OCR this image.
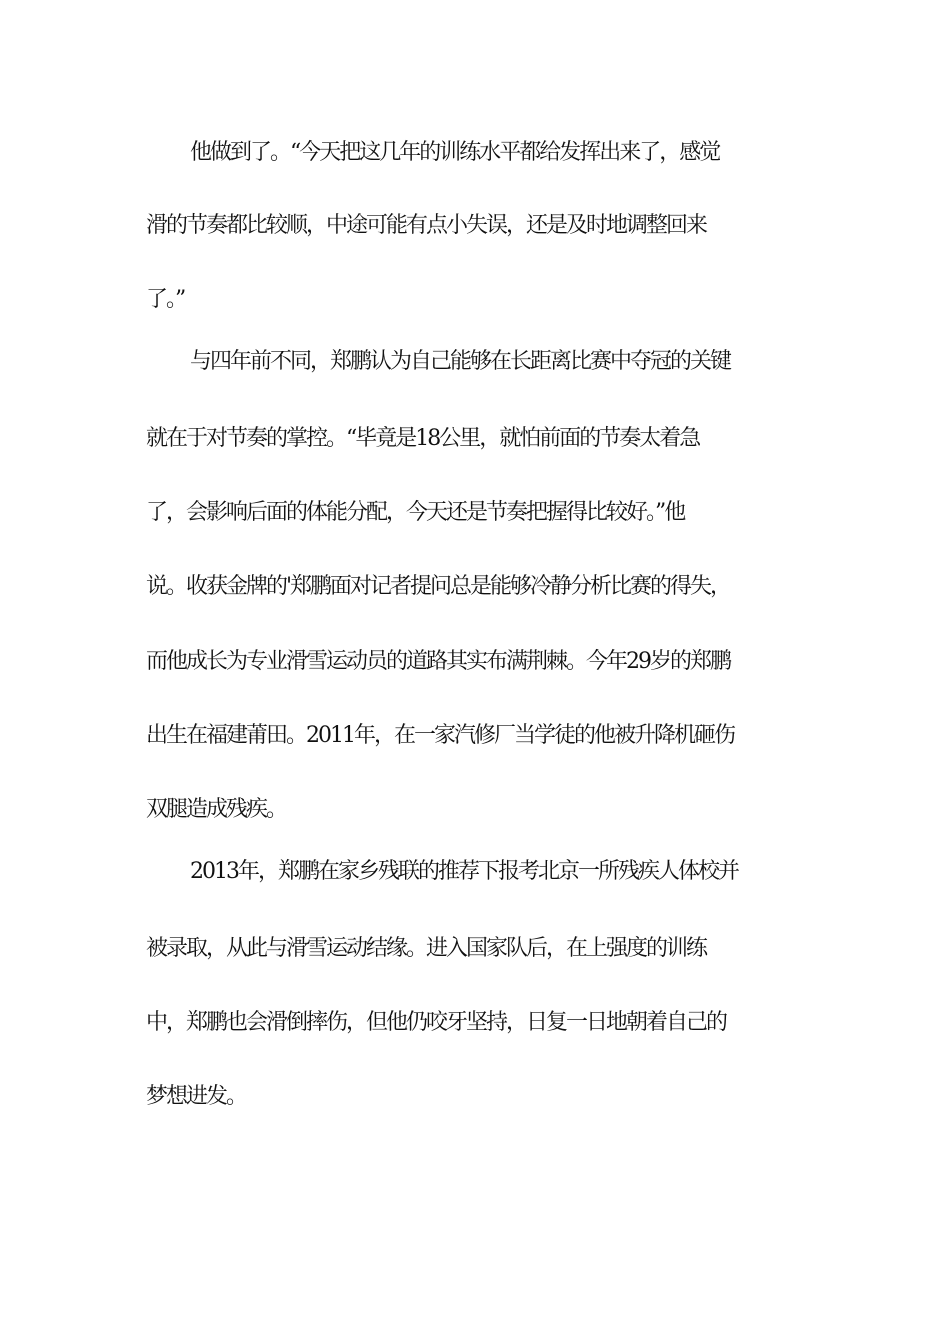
他做到了。“今天把这几年的训练水平都给发挥出来了，感觉
滑的节奏都比较顺，中途可能有点小失误，还是及时地调整回来
了。”
与四年前不同，郑鹏认为自己能够在长距离比赛中夺冠的关键
就在于对节奏的掌控。“毕竟是18公里，就怕前面的节奏太着急
了，会影响后面的体能分配，今天还是节奏把握得比较好。”他
说。收获金牌的'郑鹏面对记者提问总是能够冷静分析比赛的得失，
而他成长为专业滑雪运动员的道路其实布满荆棘。今年29岁的郑鹏
出生在福建莆田。2011年，在一家汽修厂当学徒的他被升降机砸伤
双腿造成残疾。
2013年，郑鹏在家乡残联的推荐下报考北京一所残疾人体校并
被录取，从此与滑雪运动结缘。进入国家队后，在上强度的训练
中，郑鹏也会滑倒摔伤，但他仍咬牙坚持，日复一日地朝着自己的
梦想进发。
